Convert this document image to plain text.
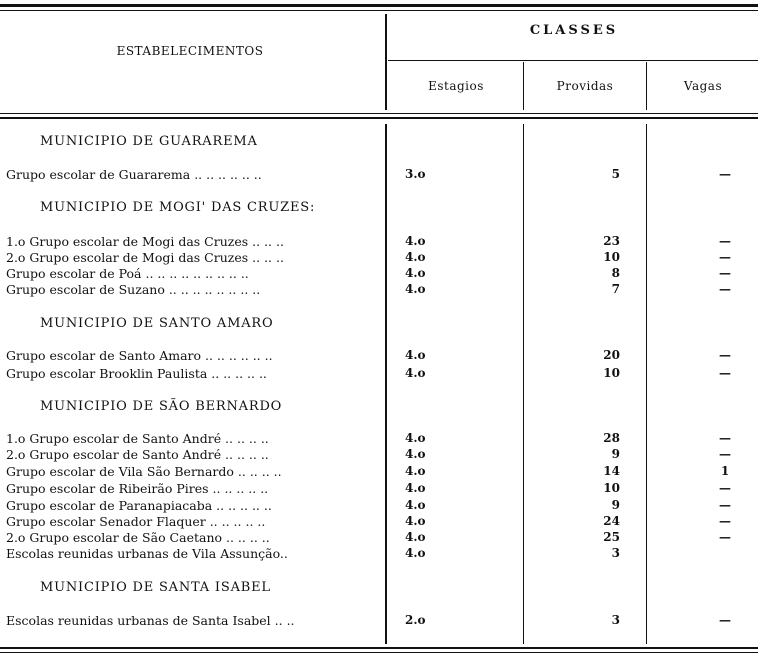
ESTABELECIMENTOS
CLASSES
Estagios	Providas	Vagas
MUNICIPIO DE GUARAREMA
Grupo escolar de Guararema .. .. .. .. .. ..	3.o	5	—
MUNICIPIO DE MOGI' DAS CRUZES:
1.o Grupo escolar de Mogi das Cruzes .. .. ..	4.o	23	—
2.o Grupo escolar de Mogi das Cruzes .. .. ..	4.o	10	—
Grupo escolar de Poá .. .. .. .. .. .. .. .. ..	4.o	8	—
Grupo escolar de Suzano .. .. .. .. .. .. .. ..	4.o	7	—
MUNICIPIO DE SANTO AMARO
Grupo escolar de Santo Amaro .. .. .. .. .. ..	4.o	20	—
Grupo escolar Brooklin Paulista .. .. .. .. ..	4.o	10	—
MUNICIPIO DE SÃO BERNARDO
1.o Grupo escolar de Santo André .. .. .. ..	4.o	28	—
2.o Grupo escolar de Santo André .. .. .. ..	4.o	9	—
Grupo escolar de Vila São Bernardo .. .. .. ..	4.o	14	1
Grupo escolar de Ribeirão Pires .. .. .. .. ..	4.o	10	—
Grupo escolar de Paranapiacaba .. .. .. .. ..	4.o	9	—
Grupo escolar Senador Flaquer .. .. .. .. ..	4.o	24	—
2.o Grupo escolar de São Caetano .. .. .. ..	4.o	25	—
Escolas reunidas urbanas de Vila Assunção..	4.o	3
MUNICIPIO DE SANTA ISABEL
Escolas reunidas urbanas de Santa Isabel .. ..	2.o	3	—
